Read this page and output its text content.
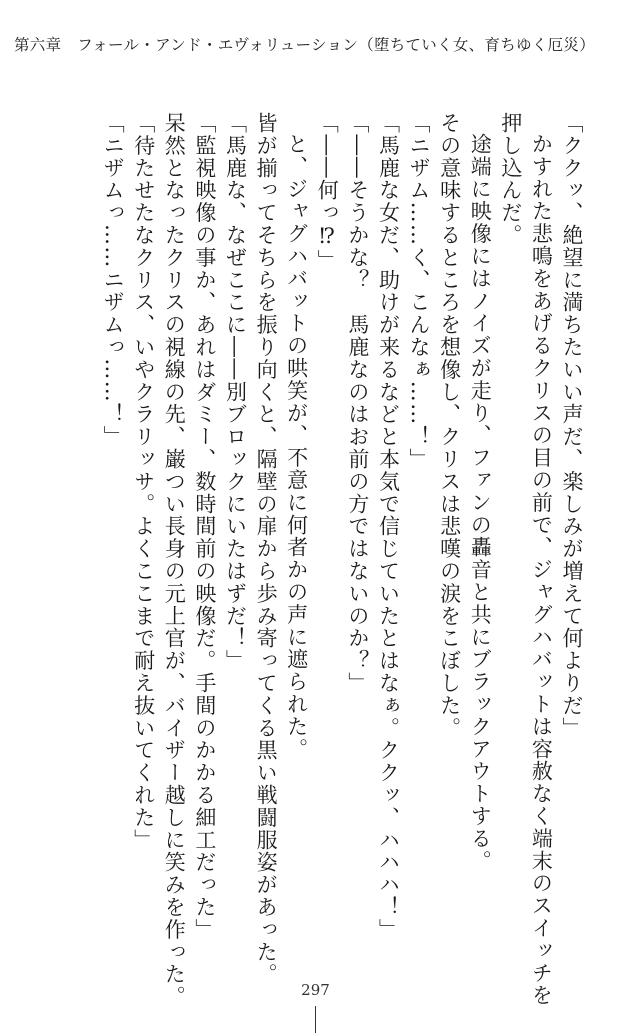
第六章　フォール・アンド・エヴォリューション（堕ちていく女、育ちゆく厄災）
「ククッ、絶望に満ちたいい声だ、楽しみが増えて何よりだ」
かすれた悲鳴をあげるクリスの目の前で、ジャグハバットは容赦なく端末のスイッチを
押し込んだ。
途端に映像にはノイズが走り、ファンの轟音と共にブラックアウトする。
その意味するところを想像し、クリスは悲嘆の涙をこぼした。
「ニザム……く、こんなぁ……！」
「馬鹿な女だ、助けが来るなどと本気で信じていたとはなぁ。ククッ、ハハハ！」
「――そうかな？　馬鹿なのはお前の方ではないのか？」
「――何っ⁉」
と、ジャグハバットの哄笑が、不意に何者かの声に遮られた。
皆が揃ってそちらを振り向くと、隔壁の扉から歩み寄ってくる黒い戦闘服姿があった。
「馬鹿な、なぜここに――別ブロックにいたはずだ！」
「監視映像の事か、あれはダミー、数時間前の映像だ。手間のかかる細工だった」
呆然となったクリスの視線の先、巌つい長身の元上官が、バイザー越しに笑みを作った。
「待たせたなクリス、いやクラリッサ。よくここまで耐え抜いてくれた」
「ニザムっ……ニザムっ……！」
297
